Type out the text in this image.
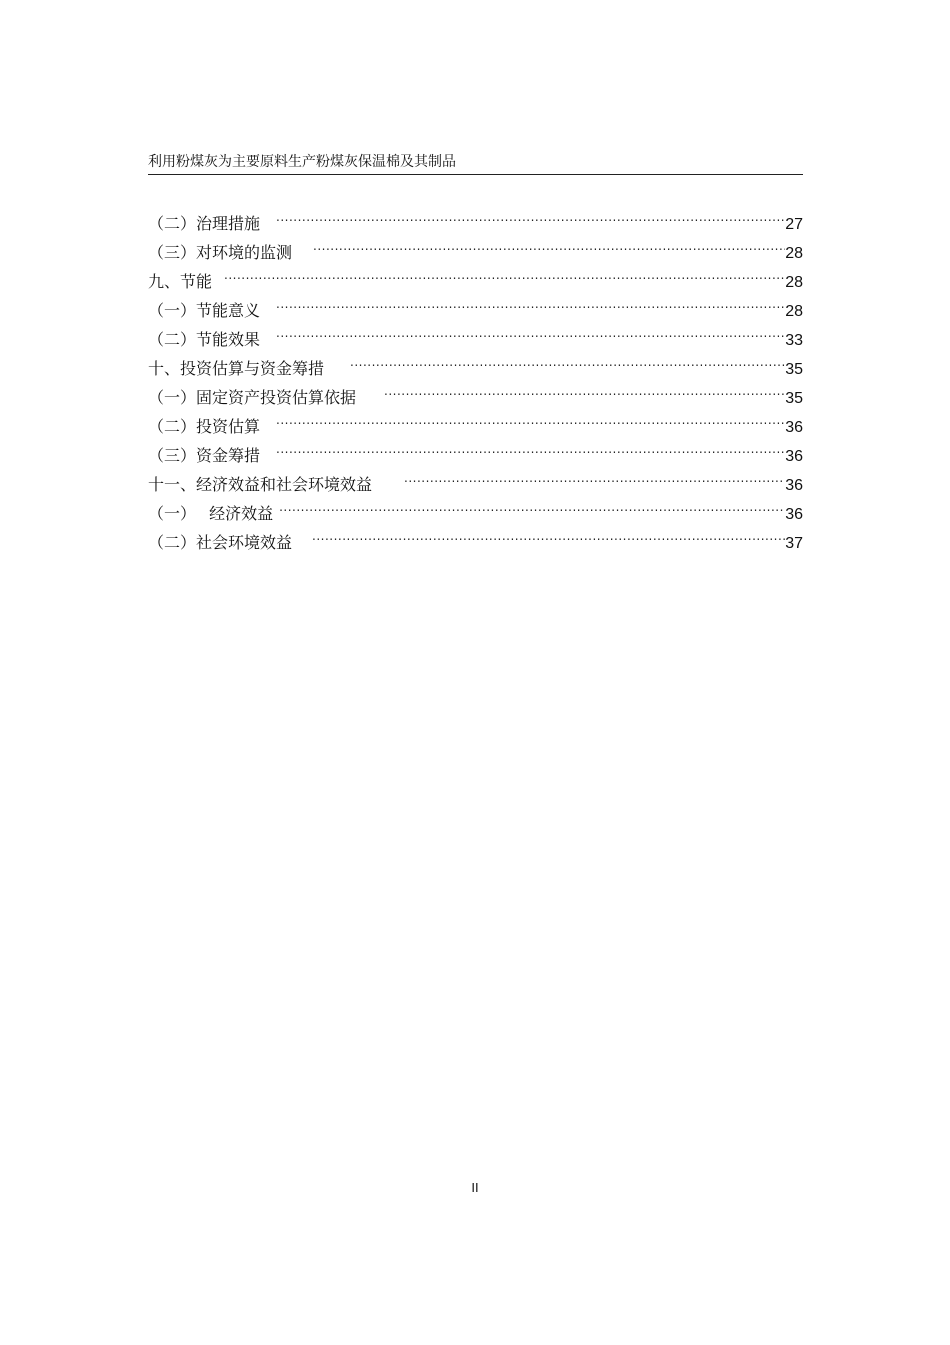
利用粉煤灰为主要原料生产粉煤灰保温棉及其制品
（二）治理措施 .....	27
（三）对环境的监测 .....	28
九、节能 .....	28
（一）节能意义 .....	28
（二）节能效果 .....	33
十、投资估算与资金筹措 .....	35
（一）固定资产投资估算依据 .....	35
（二）投资估算 .....	36
（三）资金筹措 .....	36
十一、经济效益和社会环境效益 .....	36
（一）　 经济效益 .....	36
（二）社会环境效益 .....	37
II
